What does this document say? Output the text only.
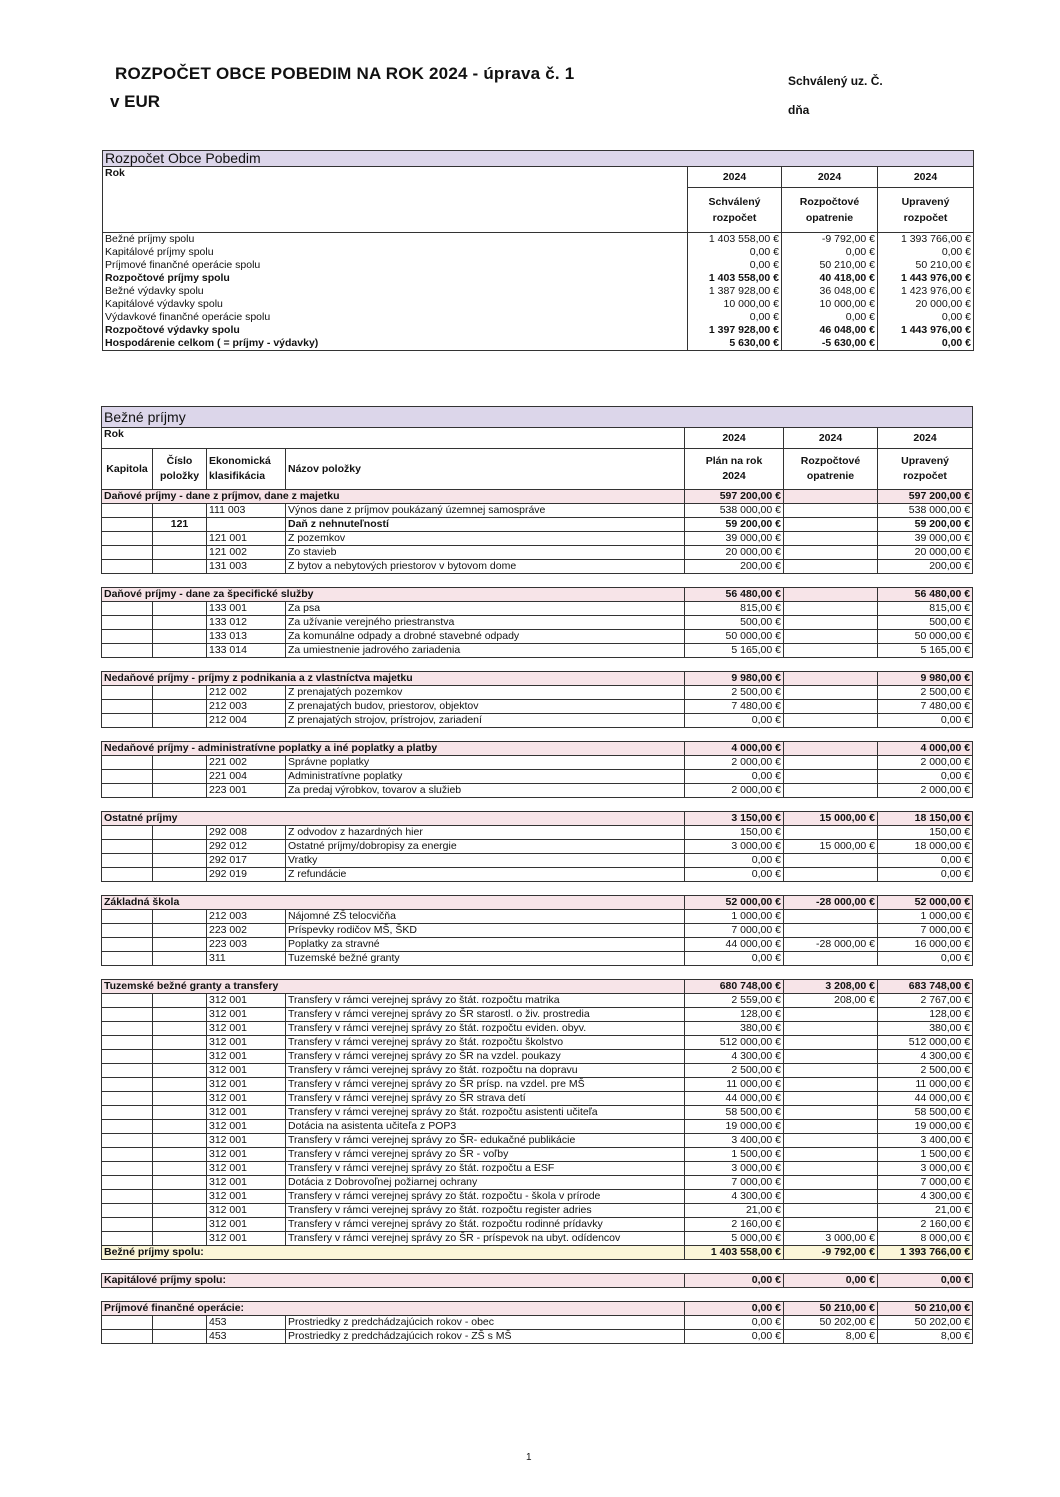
ROZPOČET OBCE POBEDIM NA ROK 2024 - úprava č. 1
v EUR
Schválený uz. Č.
dňa
Rozpočet Obce Pobedim			
Rok	2024	2024	2024
	Schválený rozpočet	Rozpočtové opatrenie	Upravený rozpočet
Bežné príjmy spolu	1 403 558,00 €	-9 792,00 €	1 393 766,00 €
Kapitálové príjmy spolu	0,00 €	0,00 €	0,00 €
Príjmové finančné operácie spolu	0,00 €	50 210,00 €	50 210,00 €
Rozpočtové príjmy spolu	1 403 558,00 €	40 418,00 €	1 443 976,00 €
Bežné výdavky spolu	1 387 928,00 €	36 048,00 €	1 423 976,00 €
Kapitálové výdavky spolu	10 000,00 €	10 000,00 €	20 000,00 €
Výdavkové finančné operácie spolu	0,00 €	0,00 €	0,00 €
Rozpočtové výdavky spolu	1 397 928,00 €	46 048,00 €	1 443 976,00 €
Hospodárenie celkom ( = príjmy - výdavky)	5 630,00 €	-5 630,00 €	0,00 €
Bežné príjmy						
Rok				2024	2024	2024
Kapitola	Číslo položky	Ekonomická klasifikácia	Názov položky	Plán na rok 2024	Rozpočtové opatrenie	Upravený rozpočet
Daňové príjmy - dane z príjmov, dane z majetku				597 200,00 €		597 200,00 €
		111 003	Výnos dane z príjmov poukázaný územnej samospráve	538 000,00 €		538 000,00 €
	121		Daň z nehnuteľností	59 200,00 €		59 200,00 €
		121 001	Z pozemkov	39 000,00 €		39 000,00 €
		121 002	Zo stavieb	20 000,00 €		20 000,00 €
		131 003	Z bytov a nebytových priestorov v bytovom dome	200,00 €		200,00 €

Daňové príjmy - dane za špecifické služby				56 480,00 €		56 480,00 €
		133 001	Za psa	815,00 €		815,00 €
		133 012	Za užívanie verejného priestranstva	500,00 €		500,00 €
		133 013	Za komunálne odpady a drobné stavebné odpady	50 000,00 €		50 000,00 €
		133 014	Za umiestnenie jadrového zariadenia	5 165,00 €		5 165,00 €

Nedaňové príjmy - príjmy z podnikania a z vlastníctva majetku				9 980,00 €		9 980,00 €
		212 002	Z prenajatých pozemkov	2 500,00 €		2 500,00 €
		212 003	Z prenajatých budov, priestorov, objektov	7 480,00 €		7 480,00 €
		212 004	Z prenajatých strojov, prístrojov, zariadení	0,00 €		0,00 €

Nedaňové príjmy - administratívne poplatky a iné poplatky a platby				4 000,00 €		4 000,00 €
		221 002	Správne poplatky	2 000,00 €		2 000,00 €
		221 004	Administratívne poplatky	0,00 €		0,00 €
		223 001	Za predaj výrobkov, tovarov a služieb	2 000,00 €		2 000,00 €

Ostatné príjmy				3 150,00 €	15 000,00 €	18 150,00 €
		292 008	Z odvodov z hazardných hier	150,00 €		150,00 €
		292 012	Ostatné príjmy/dobropisy za energie	3 000,00 €	15 000,00 €	18 000,00 €
		292 017	Vratky	0,00 €		0,00 €
		292 019	Z refundácie	0,00 €		0,00 €

Základná škola				52 000,00 €	-28 000,00 €	52 000,00 €
		212 003	Nájomné ZŠ telocvičňa	1 000,00 €		1 000,00 €
		223 002	Príspevky rodičov MŠ, ŠKD	7 000,00 €		7 000,00 €
		223 003	Poplatky za stravné	44 000,00 €	-28 000,00 €	16 000,00 €
		311	Tuzemské bežné granty	0,00 €		0,00 €

Tuzemské bežné granty a transfery				680 748,00 €	3 208,00 €	683 748,00 €
		312 001	Transfery v rámci verejnej správy zo štát. rozpočtu matrika	2 559,00 €	208,00 €	2 767,00 €
		312 001	Transfery v rámci verejnej správy zo ŠR starostl. o živ. prostredia	128,00 €		128,00 €
		312 001	Transfery v rámci verejnej správy zo štát. rozpočtu eviden. obyv.	380,00 €		380,00 €
		312 001	Transfery v rámci verejnej správy zo štát. rozpočtu školstvo	512 000,00 €		512 000,00 €
		312 001	Transfery v rámci verejnej správy zo ŠR na vzdel. poukazy	4 300,00 €		4 300,00 €
		312 001	Transfery v rámci verejnej správy zo štát. rozpočtu na dopravu	2 500,00 €		2 500,00 €
		312 001	Transfery v rámci verejnej správy zo ŠR prísp. na vzdel. pre MŠ	11 000,00 €		11 000,00 €
		312 001	Transfery v rámci verejnej správy zo ŠR strava detí	44 000,00 €		44 000,00 €
		312 001	Transfery v rámci verejnej správy zo štát. rozpočtu asistenti učiteľa	58 500,00 €		58 500,00 €
		312 001	Dotácia na asistenta učiteľa z POP3	19 000,00 €		19 000,00 €
		312 001	Transfery v rámci verejnej správy zo ŠR- edukačné publikácie	3 400,00 €		3 400,00 €
		312 001	Transfery v rámci verejnej správy zo ŠR - voľby	1 500,00 €		1 500,00 €
		312 001	Transfery v rámci verejnej správy zo štát. rozpočtu a ESF	3 000,00 €		3 000,00 €
		312 001	Dotácia z Dobrovoľnej požiarnej ochrany	7 000,00 €		7 000,00 €
		312 001	Transfery v rámci verejnej správy zo štát. rozpočtu - škola v prírode	4 300,00 €		4 300,00 €
		312 001	Transfery v rámci verejnej správy zo štát. rozpočtu register adries	21,00 €		21,00 €
		312 001	Transfery v rámci verejnej správy zo štát. rozpočtu rodinné prídavky	2 160,00 €		2 160,00 €
		312 001	Transfery v rámci verejnej správy zo ŠR - príspevok na ubyt. odídencov	5 000,00 €	3 000,00 €	8 000,00 €
Bežné príjmy spolu:				1 403 558,00 €	-9 792,00 €	1 393 766,00 €

Kapitálové príjmy spolu:				0,00 €	0,00 €	0,00 €

Príjmové finančné operácie:				0,00 €	50 210,00 €	50 210,00 €
		453	Prostriedky z predchádzajúcich rokov - obec	0,00 €	50 202,00 €	50 202,00 €
		453	Prostriedky z predchádzajúcich rokov - ZŠ s MŠ	0,00 €	8,00 €	8,00 €
1
